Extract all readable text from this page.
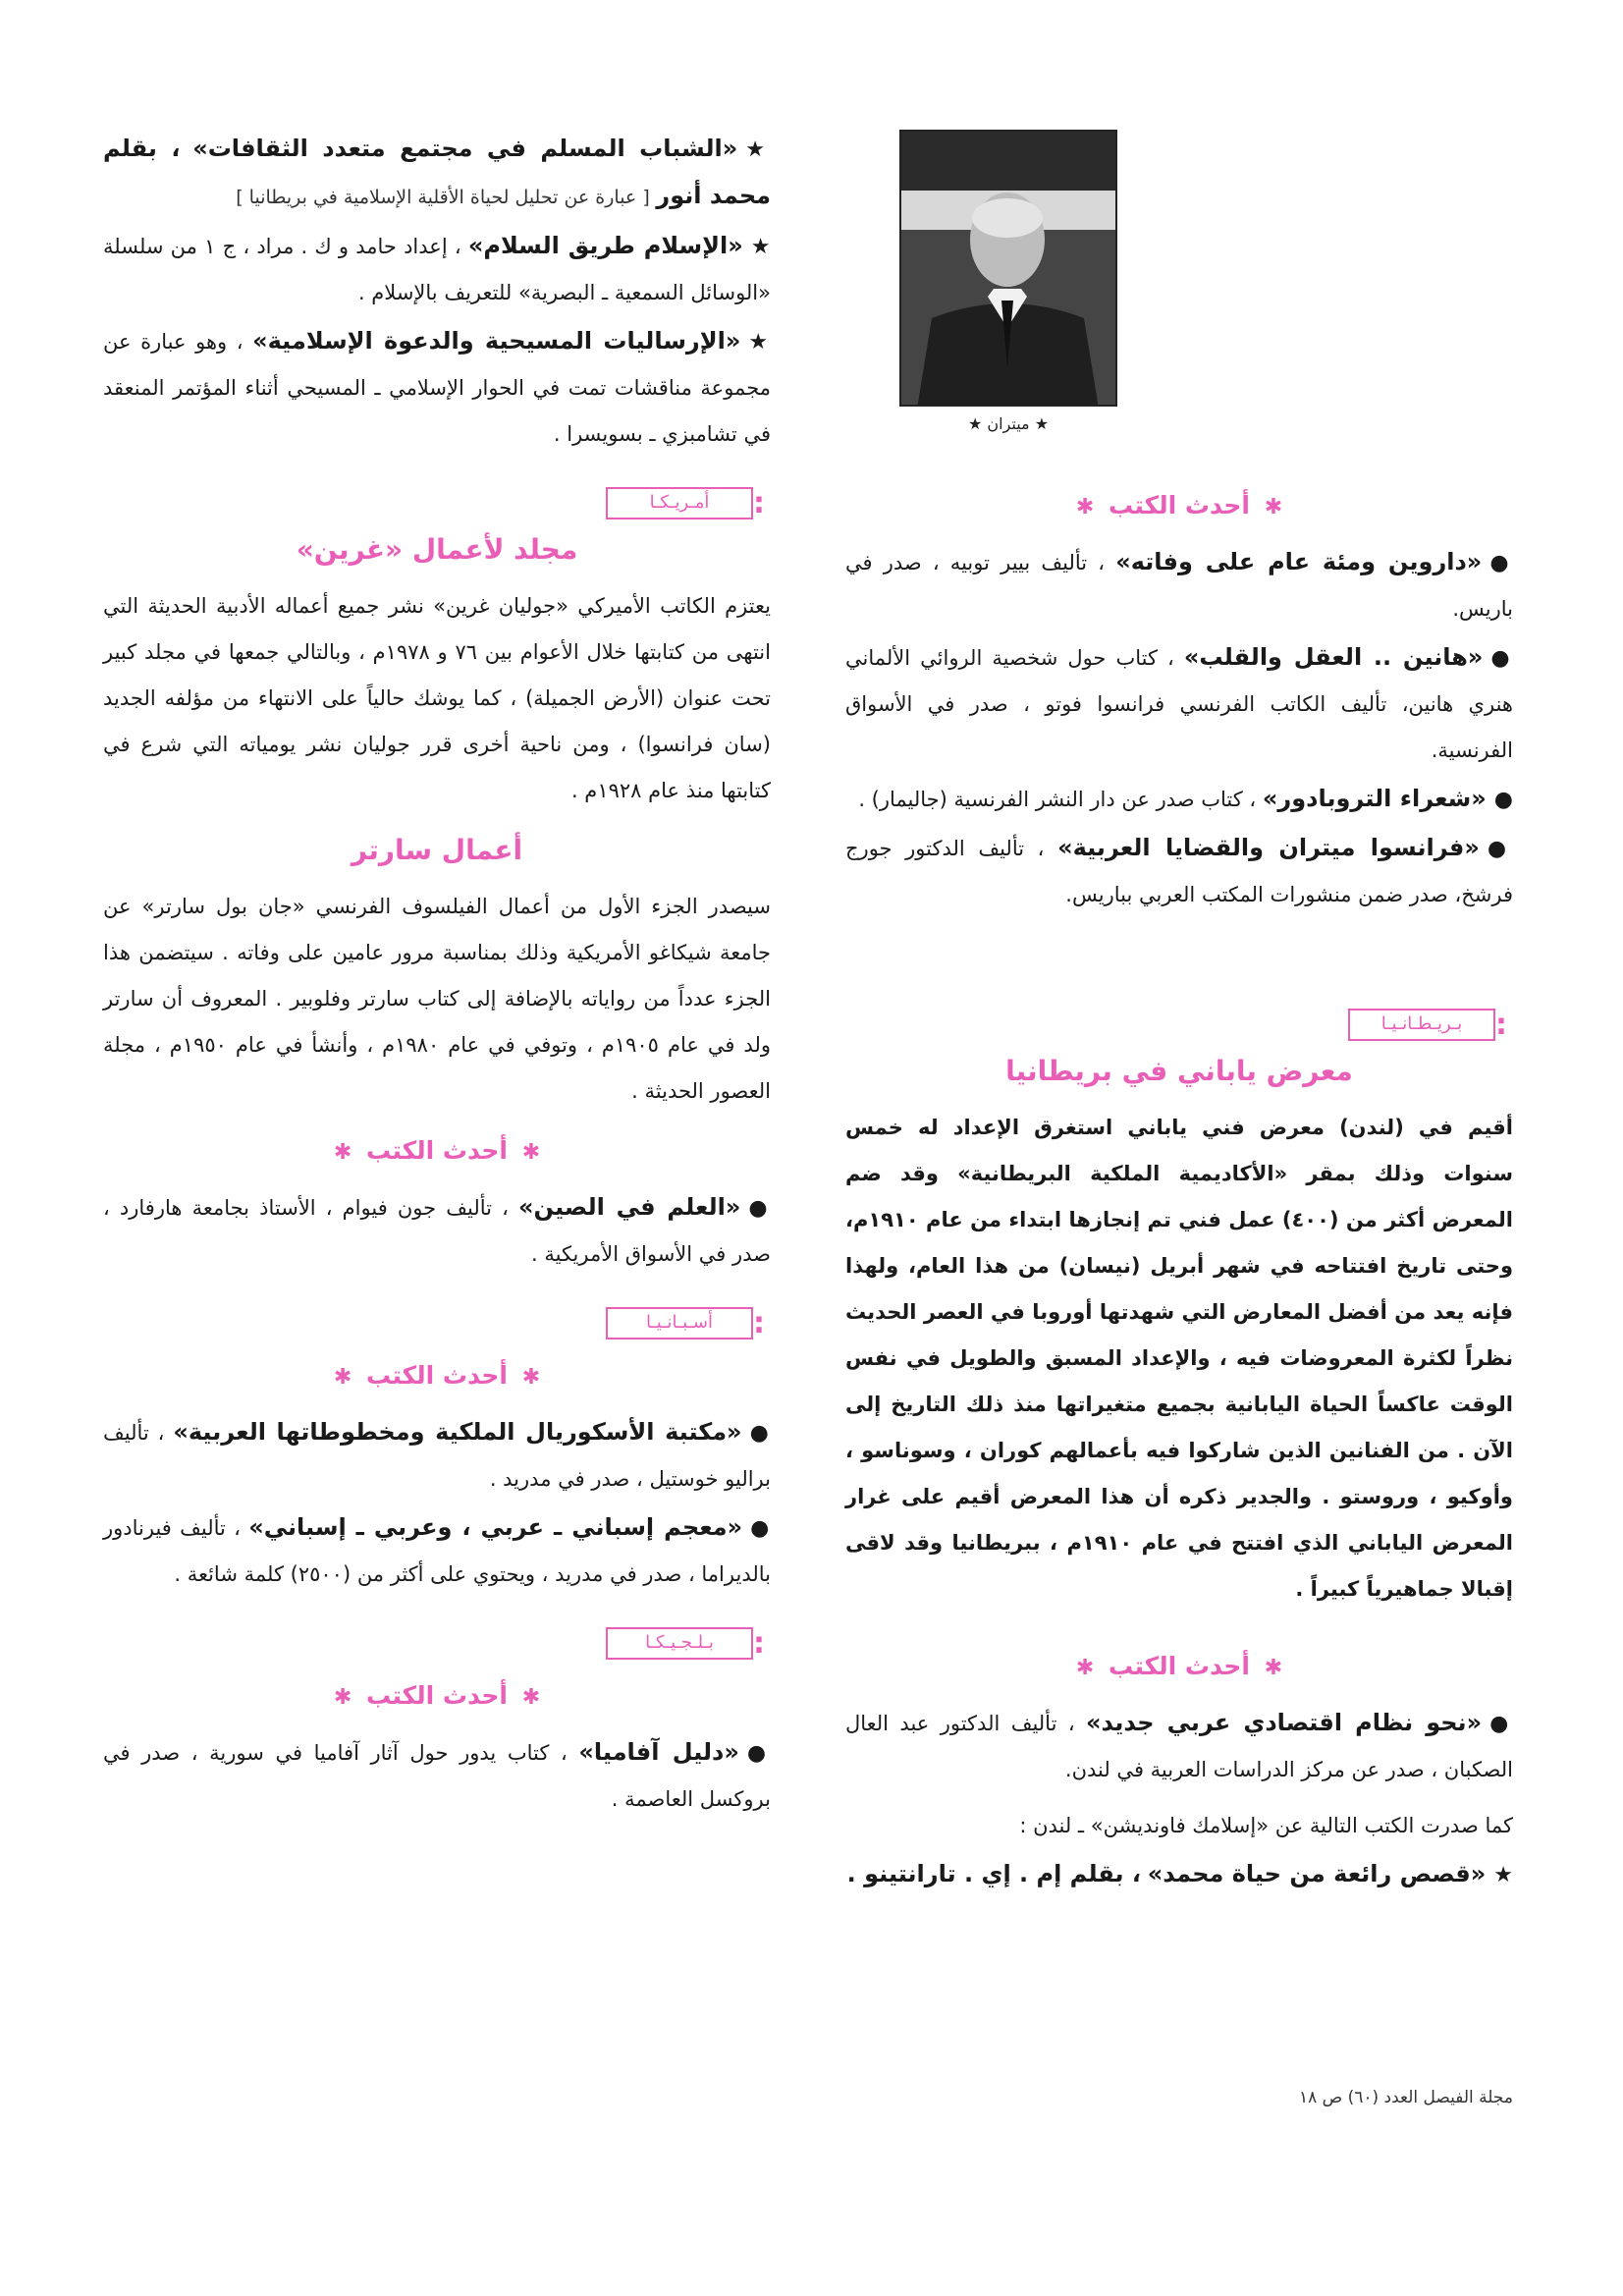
★ ميتران ★
✱ أحدث الكتب ✱
●«داروين ومئة عام على وفاته» ، تأليف بيير توبيه ، صدر في باريس.
●«هانين .. العقل والقلب» ، كتاب حول شخصية الروائي الألماني هنري هانين، تأليف الكاتب الفرنسي فرانسوا فوتو ، صدر في الأسواق الفرنسية.
●«شعراء التروبادور» ، كتاب صدر عن دار النشر الفرنسية (جاليمار) .
●«فرانسوا ميتران والقضايا العربية» ، تأليف الدكتور جورج فرشخ، صدر ضمن منشورات المكتب العربي بباريس.
:
بـريـطـانـيـا
معرض ياباني في بريطانيا
أقيم في (لندن) معرض فني ياباني استغرق الإعداد له خمس سنوات وذلك بمقر «الأكاديمية الملكية البريطانية» وقد ضم المعرض أكثر من (٤٠٠) عمل فني تم إنجازها ابتداء من عام ١٩١٠م، وحتى تاريخ افتتاحه في شهر أبريل (نيسان) من هذا العام، ولهذا فإنه يعد من أفضل المعارض التي شهدتها أوروبا في العصر الحديث نظراً لكثرة المعروضات فيه ، والإعداد المسبق والطويل في نفس الوقت عاكساً الحياة اليابانية بجميع متغيراتها منذ ذلك التاريخ إلى الآن . من الفنانين الذين شاركوا فيه بأعمالهم كوران ، وسوناسو ، وأوكيو ، وروستو . والجدير ذكره أن هذا المعرض أقيم على غرار المعرض الياباني الذي افتتح في عام ١٩١٠م ، ببريطانيا وقد لاقى إقبالا جماهيرياً كبيراً .
✱ أحدث الكتب ✱
●«نحو نظام اقتصادي عربي جديد» ، تأليف الدكتور عبد العال الصكبان ، صدر عن مركز الدراسات العربية في لندن.
كما صدرت الكتب التالية عن «إسلامك فاونديشن» ـ لندن :
★«قصص رائعة من حياة محمد» ، بقلم إم . إي . تارانتينو .
★«الشباب المسلم في مجتمع متعدد الثقافات» ، بقلم محمد أنور [ عبارة عن تحليل لحياة الأقلية الإسلامية في بريطانيا ]
★«الإسلام طريق السلام» ، إعداد حامد و ك . مراد ، ج ١ من سلسلة «الوسائل السمعية ـ البصرية» للتعريف بالإسلام .
★«الإرساليات المسيحية والدعوة الإسلامية» ، وهو عبارة عن مجموعة مناقشات تمت في الحوار الإسلامي ـ المسيحي أثناء المؤتمر المنعقد في تشامبزي ـ بسويسرا .
:
أمـريـكـا
مجلد لأعمال «غرين»
يعتزم الكاتب الأميركي «جوليان غرين» نشر جميع أعماله الأدبية الحديثة التي انتهى من كتابتها خلال الأعوام بين ٧٦ و ١٩٧٨م ، وبالتالي جمعها في مجلد كبير تحت عنوان (الأرض الجميلة) ، كما يوشك حالياً على الانتهاء من مؤلفه الجديد (سان فرانسوا) ، ومن ناحية أخرى قرر جوليان نشر يومياته التي شرع في كتابتها منذ عام ١٩٢٨م .
أعمال سارتر
سيصدر الجزء الأول من أعمال الفيلسوف الفرنسي «جان بول سارتر» عن جامعة شيكاغو الأمريكية وذلك بمناسبة مرور عامين على وفاته . سيتضمن هذا الجزء عدداً من رواياته بالإضافة إلى كتاب سارتر وفلوبير . المعروف أن سارتر ولد في عام ١٩٠٥م ، وتوفي في عام ١٩٨٠م ، وأنشأ في عام ١٩٥٠م ، مجلة العصور الحديثة .
✱ أحدث الكتب ✱
●«العلم في الصين» ، تأليف جون فيوام ، الأستاذ بجامعة هارفارد ، صدر في الأسواق الأمريكية .
:
أسـبـانـيـا
✱ أحدث الكتب ✱
●«مكتبة الأسكوريال الملكية ومخطوطاتها العربية» ، تأليف براليو خوستيل ، صدر في مدريد .
●«معجم إسباني ـ عربي ، وعربي ـ إسباني» ، تأليف فيرنادور بالديراما ، صدر في مدريد ، ويحتوي على أكثر من (٢٥٠٠) كلمة شائعة .
:
بـلـجـيـكـا
✱ أحدث الكتب ✱
●«دليل آفاميا» ، كتاب يدور حول آثار آفاميا في سورية ، صدر في بروكسل العاصمة .
مجلة الفيصل العدد (٦٠) ص ١٨
